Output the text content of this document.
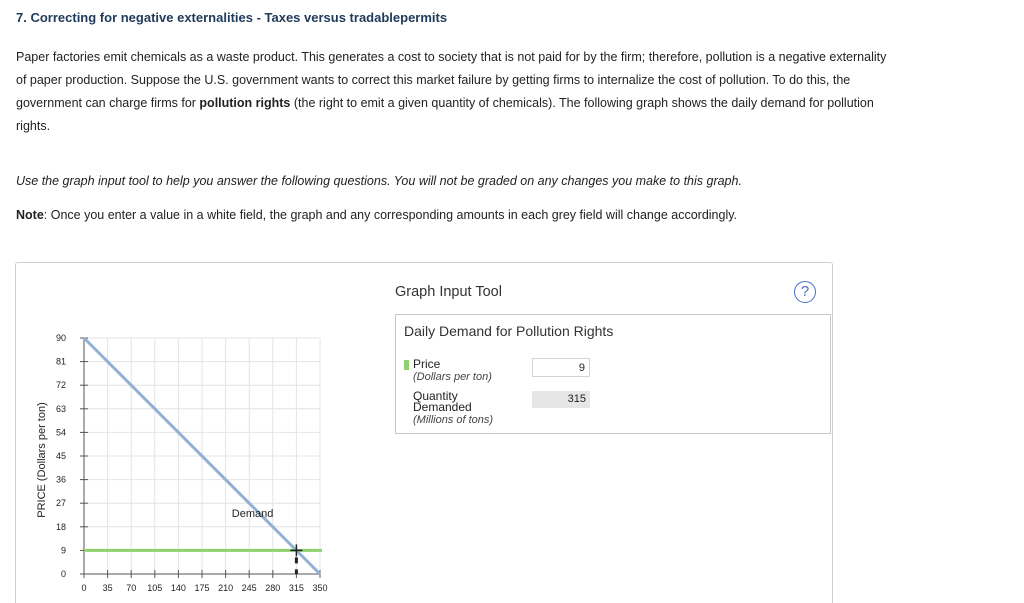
7. Correcting for negative externalities - Taxes versus tradablepermits
Paper factories emit chemicals as a waste product. This generates a cost to society that is not paid for by the firm; therefore, pollution is a negative externality of paper production. Suppose the U.S. government wants to correct this market failure by getting firms to internalize the cost of pollution. To do this, the government can charge firms for pollution rights (the right to emit a given quantity of chemicals). The following graph shows the daily demand for pollution rights.
Use the graph input tool to help you answer the following questions. You will not be graded on any changes you make to this graph.
Note: Once you enter a value in a white field, the graph and any corresponding amounts in each grey field will change accordingly.
0
9
18
27
36
45
54
63
72
81
90
0 35 70 105 140 175 210 245 280 315 350
Demand
PRICE (Dollars per ton)
Graph Input Tool	?
Daily Demand for Pollution Rights
Price
(Dollars per ton)
9
Quantity
Demanded
(Millions of tons)
315
